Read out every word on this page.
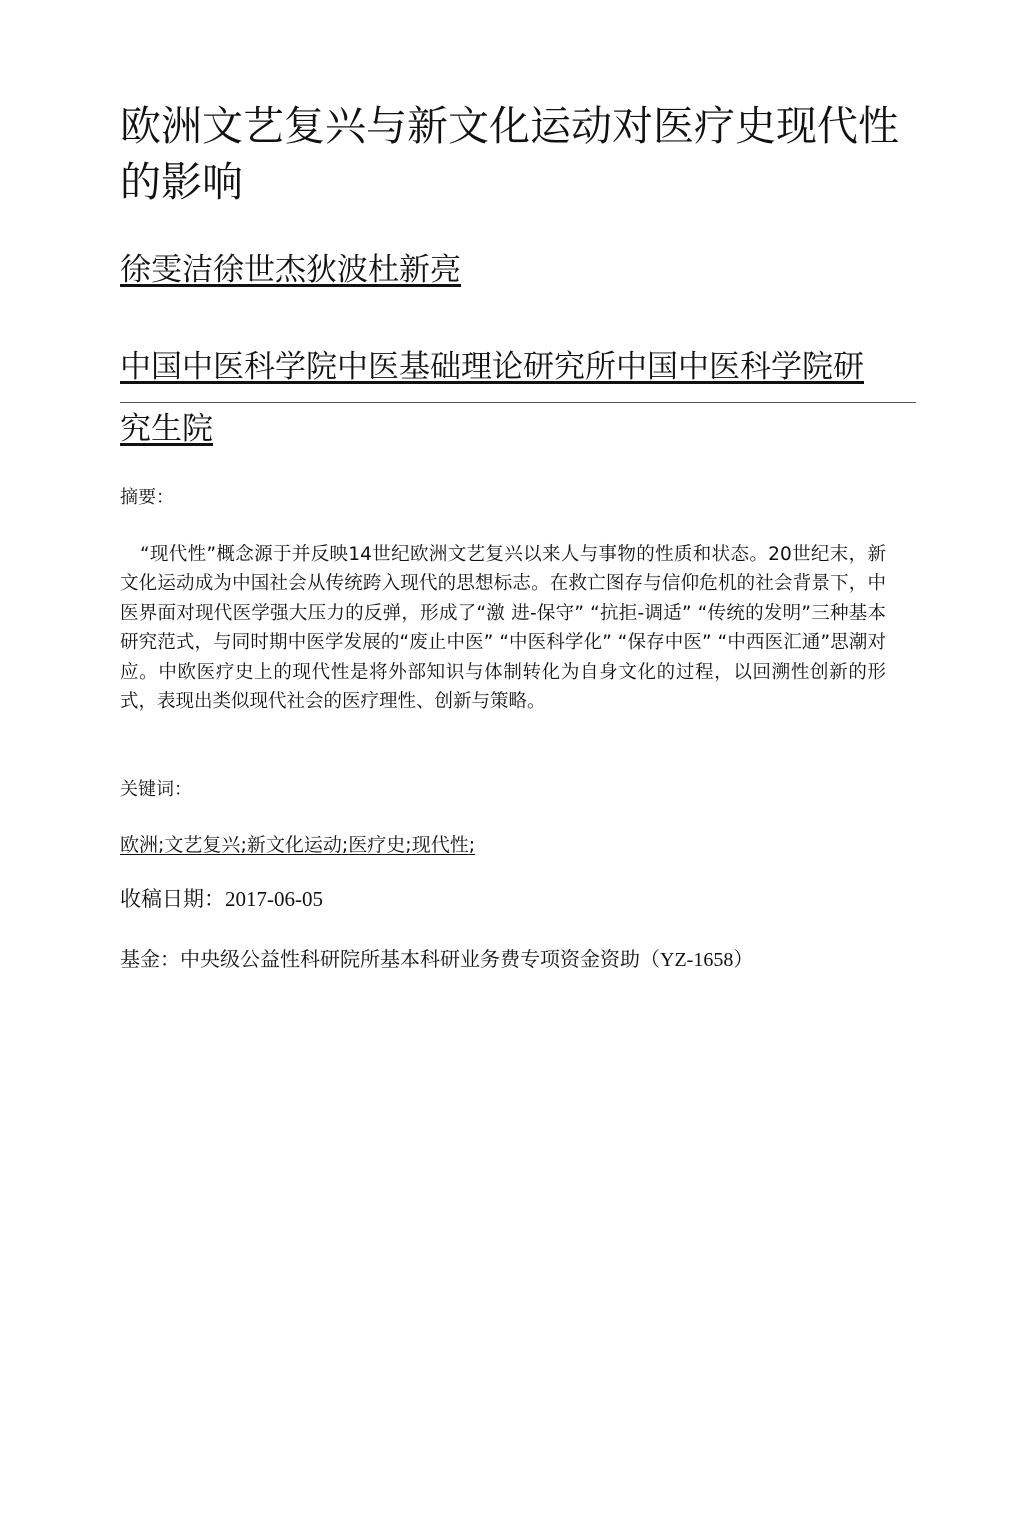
欧洲文艺复兴与新文化运动对医疗史现代性的影响

徐雯洁徐世杰狄波杜新亮

中国中医科学院中医基础理论研究所中国中医科学院研究生院

摘要：

“现代性”概念源于并反映14世纪欧洲文艺复兴以来人与事物的性质和状态。20世纪末，新文化运动成为中国社会从传统跨入现代的思想标志。在救亡图存与信仰危机的社会背景下，中医界面对现代医学强大压力的反弹，形成了“激 进-保守” “抗拒-调适” “传统的发明”三种基本研究范式，与同时期中医学发展的“废止中医” “中医科学化” “保存中医” “中西医汇通”思潮对应。中欧医疗史上的现代性是将外部知识与体制转化为自身文化的过程，以回溯性创新的形式，表现出类似现代社会的医疗理性、创新与策略。

关键词：

欧洲;文艺复兴;新文化运动;医疗史;现代性;

收稿日期：2017-06-05

基金：中央级公益性科研院所基本科研业务费专项资金资助（YZ-1658）
